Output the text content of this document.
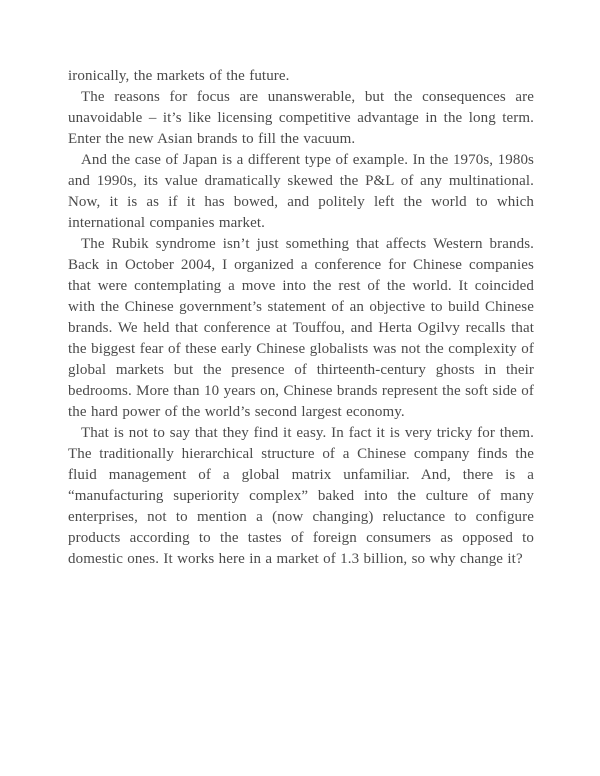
ironically, the markets of the future.

The reasons for focus are unanswerable, but the consequences are unavoidable – it’s like licensing competitive advantage in the long term. Enter the new Asian brands to fill the vacuum.

And the case of Japan is a different type of example. In the 1970s, 1980s and 1990s, its value dramatically skewed the P&L of any multinational. Now, it is as if it has bowed, and politely left the world to which international companies market.

The Rubik syndrome isn’t just something that affects Western brands. Back in October 2004, I organized a conference for Chinese companies that were contemplating a move into the rest of the world. It coincided with the Chinese government’s statement of an objective to build Chinese brands. We held that conference at Touffou, and Herta Ogilvy recalls that the biggest fear of these early Chinese globalists was not the complexity of global markets but the presence of thirteenth-century ghosts in their bedrooms. More than 10 years on, Chinese brands represent the soft side of the hard power of the world’s second largest economy.

That is not to say that they find it easy. In fact it is very tricky for them. The traditionally hierarchical structure of a Chinese company finds the fluid management of a global matrix unfamiliar. And, there is a “manufacturing superiority complex” baked into the culture of many enterprises, not to mention a (now changing) reluctance to configure products according to the tastes of foreign consumers as opposed to domestic ones. It works here in a market of 1.3 billion, so why change it?
